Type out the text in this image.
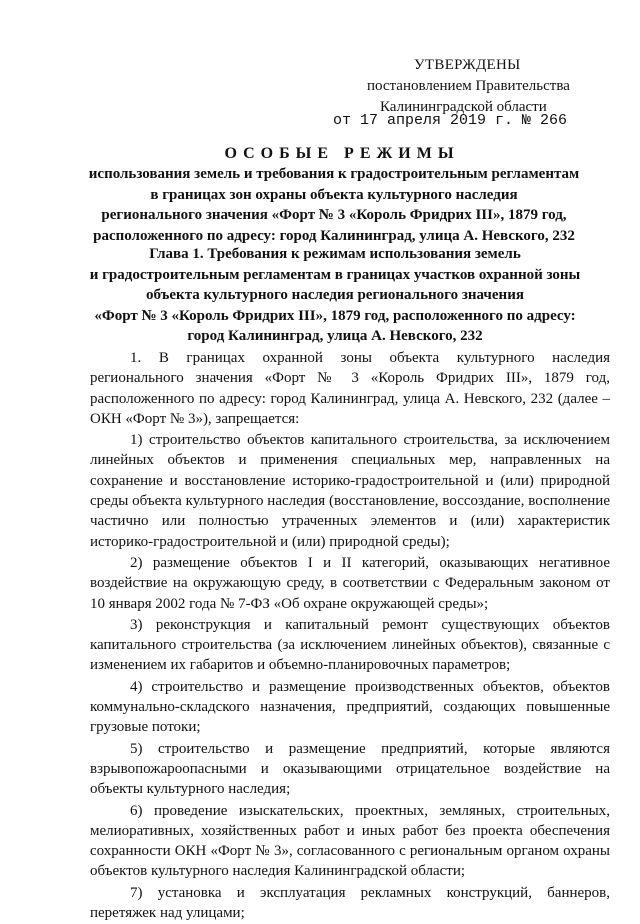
УТВЕРЖДЕНЫ
постановлением Правительства
Калининградской области
от 17 апреля 2019 г. № 266
ОСОБЫЕ РЕЖИМЫ
использования земель и требования к градостроительным регламентам
в границах зон охраны объекта культурного наследия
регионального значения «Форт № 3 «Король Фридрих III», 1879 год,
расположенного по адресу: город Калининград, улица А. Невского, 232
Глава 1. Требования к режимам использования земель
и градостроительным регламентам в границах участков охранной зоны
объекта культурного наследия регионального значения
«Форт № 3 «Король Фридрих III», 1879 год, расположенного по адресу:
город Калининград, улица А. Невского, 232

1. В границах охранной зоны объекта культурного наследия регионального значения «Форт № 3 «Король Фридрих III», 1879 год, расположенного по адресу: город Калининград, улица А. Невского, 232 (далее – ОКН «Форт № 3»), запрещается:

1) строительство объектов капитального строительства, за исключением линейных объектов и применения специальных мер, направленных на сохранение и восстановление историко-градостроительной и (или) природной среды объекта культурного наследия (восстановление, воссоздание, восполнение частично или полностью утраченных элементов и (или) характеристик историко-градостроительной и (или) природной среды);

2) размещение объектов I и II категорий, оказывающих негативное воздействие на окружающую среду, в соответствии с Федеральным законом от 10 января 2002 года № 7-ФЗ «Об охране окружающей среды»;

3) реконструкция и капитальный ремонт существующих объектов капитального строительства (за исключением линейных объектов), связанные с изменением их габаритов и объемно-планировочных параметров;

4) строительство и размещение производственных объектов, объектов коммунально-складского назначения, предприятий, создающих повышенные грузовые потоки;

5) строительство и размещение предприятий, которые являются взрывопожароопасными и оказывающими отрицательное воздействие на объекты культурного наследия;

6) проведение изыскательских, проектных, земляных, строительных, мелиоративных, хозяйственных работ и иных работ без проекта обеспечения сохранности ОКН «Форт № 3», согласованного с региональным органом охраны объектов культурного наследия Калининградской области;

7) установка и эксплуатация рекламных конструкций, баннеров, перетяжек над улицами;
